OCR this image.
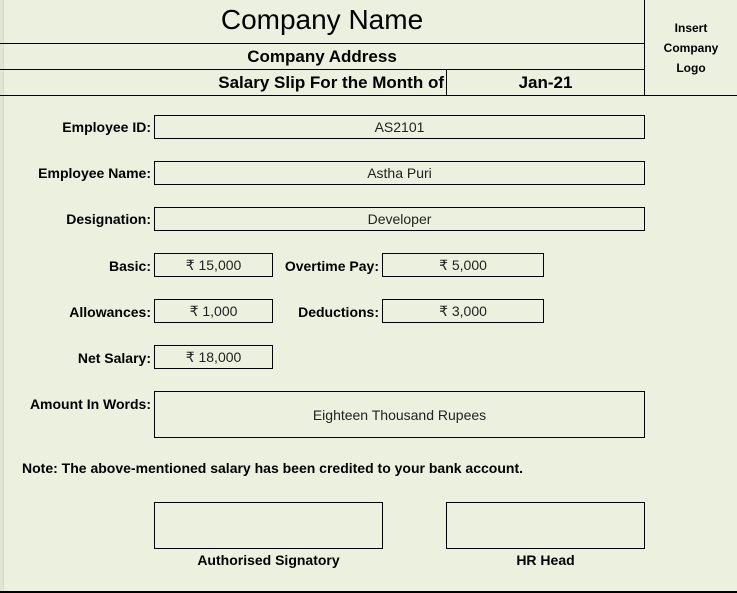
Company Name
Company Address
Salary Slip For the Month of	Jan-21
Insert
Company
Logo
Employee ID:	AS2101
Employee Name:	Astha Puri
Designation:	Developer
Basic:	₹ 15,000	Overtime Pay:	₹ 5,000
Allowances:	₹ 1,000	Deductions:	₹ 3,000
Net Salary:	₹ 18,000
Amount In Words:
Eighteen Thousand Rupees
Note: The above-mentioned salary has been credited to your bank account.
Authorised Signatory	HR Head
